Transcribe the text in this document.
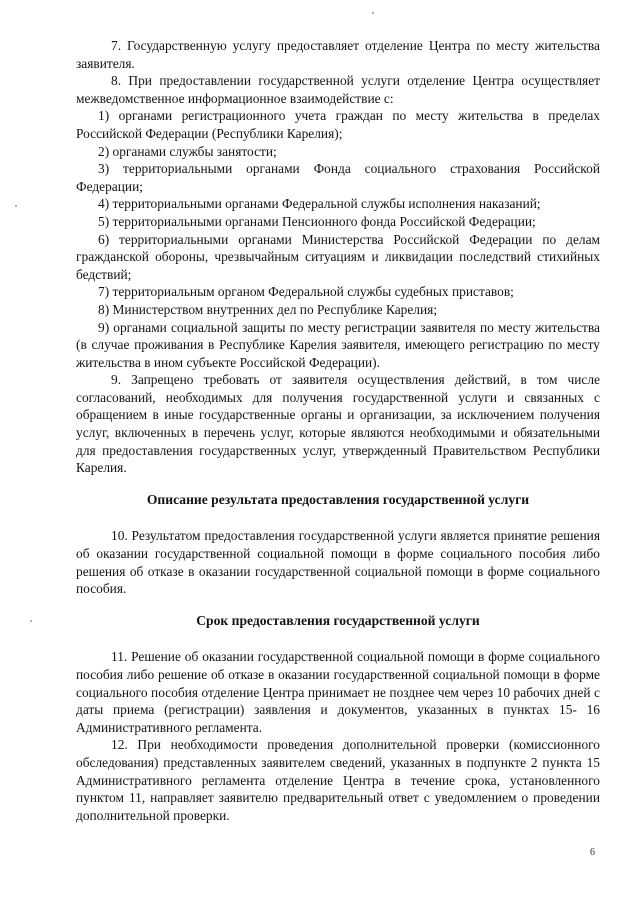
7. Государственную услугу предоставляет отделение Центра по месту жительства заявителя.

8. При предоставлении государственной услуги отделение Центра осуществляет межведомственное информационное взаимодействие с:

1) органами регистрационного учета граждан по месту жительства в пределах Российской Федерации (Республики Карелия);

2) органами службы занятости;

3) территориальными органами Фонда социального страхования Российской Федерации;

4) территориальными органами Федеральной службы исполнения наказаний;

5) территориальными органами Пенсионного фонда Российской Федерации;

6) территориальными органами Министерства Российской Федерации по делам гражданской обороны, чрезвычайным ситуациям и ликвидации последствий стихийных бедствий;

7) территориальным органом Федеральной службы судебных приставов;

8) Министерством внутренних дел по Республике Карелия;

9) органами социальной защиты по месту регистрации заявителя по месту жительства (в случае проживания в Республике Карелия заявителя, имеющего регистрацию по месту жительства в ином субъекте Российской Федерации).

9. Запрещено требовать от заявителя осуществления действий, в том числе согласований, необходимых для получения государственной услуги и связанных с обращением в иные государственные органы и организации, за исключением получения услуг, включенных в перечень услуг, которые являются необходимыми и обязательными для предоставления государственных услуг, утвержденный Правительством Республики Карелия.

Описание результата предоставления государственной услуги

10. Результатом предоставления государственной услуги является принятие решения об оказании государственной социальной помощи в форме социального пособия либо решения об отказе в оказании государственной социальной помощи в форме социального пособия.

Срок предоставления государственной услуги

11. Решение об оказании государственной социальной помощи в форме социального пособия либо решение об отказе в оказании государственной социальной помощи в форме социального пособия отделение Центра принимает не позднее чем через 10 рабочих дней с даты приема (регистрации) заявления и документов, указанных в пунктах 15- 16 Административного регламента.

12. При необходимости проведения дополнительной проверки (комиссионного обследования) представленных заявителем сведений, указанных в подпункте 2 пункта 15 Административного регламента отделение Центра в течение срока, установленного пунктом 11, направляет заявителю предварительный ответ с уведомлением о проведении дополнительной проверки.

6
